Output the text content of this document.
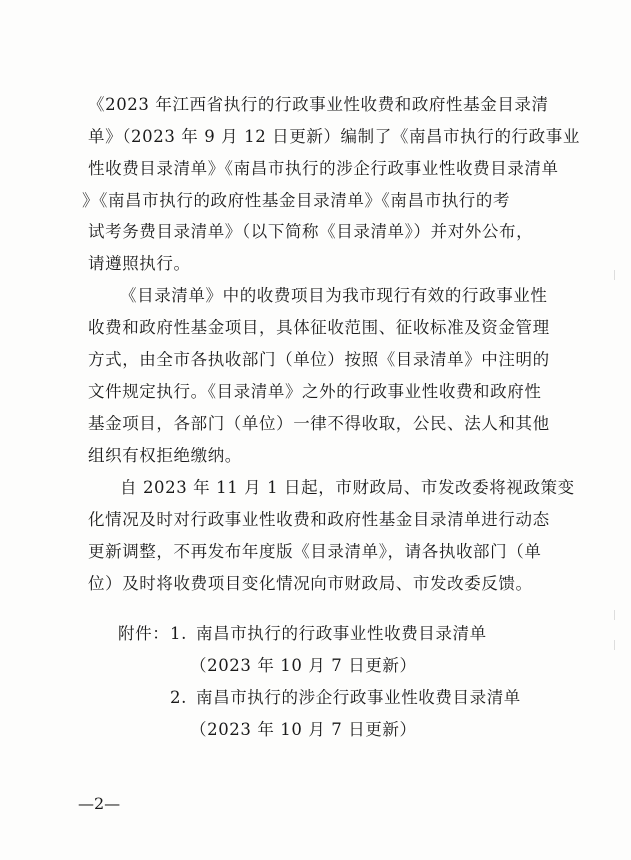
《2023 年江西省执行的行政事业性收费和政府性基金目录清
单》（2023 年 9 月 12 日更新）编制了《南昌市执行的行政事业
性收费目录清单》《南昌市执行的涉企行政事业性收费目录清单
》《南昌市执行的政府性基金目录清单》《南昌市执行的考
试考务费目录清单》（以下简称《目录清单》）并对外公布，
请遵照执行。
《目录清单》中的收费项目为我市现行有效的行政事业性
收费和政府性基金项目，具体征收范围、征收标准及资金管理
方式，由全市各执收部门（单位）按照《目录清单》中注明的
文件规定执行。《目录清单》之外的行政事业性收费和政府性
基金项目，各部门（单位）一律不得收取，公民、法人和其他
组织有权拒绝缴纳。
自 2023 年 11 月 1 日起，市财政局、市发改委将视政策变
化情况及时对行政事业性收费和政府性基金目录清单进行动态
更新调整，不再发布年度版《目录清单》，请各执收部门（单
位）及时将收费项目变化情况向市财政局、市发改委反馈。
附件： 1. 南昌市执行的行政事业性收费目录清单
（2023 年 10 月 7 日更新）
2. 南昌市执行的涉企行政事业性收费目录清单
（2023 年 10 月 7 日更新）
—2—
